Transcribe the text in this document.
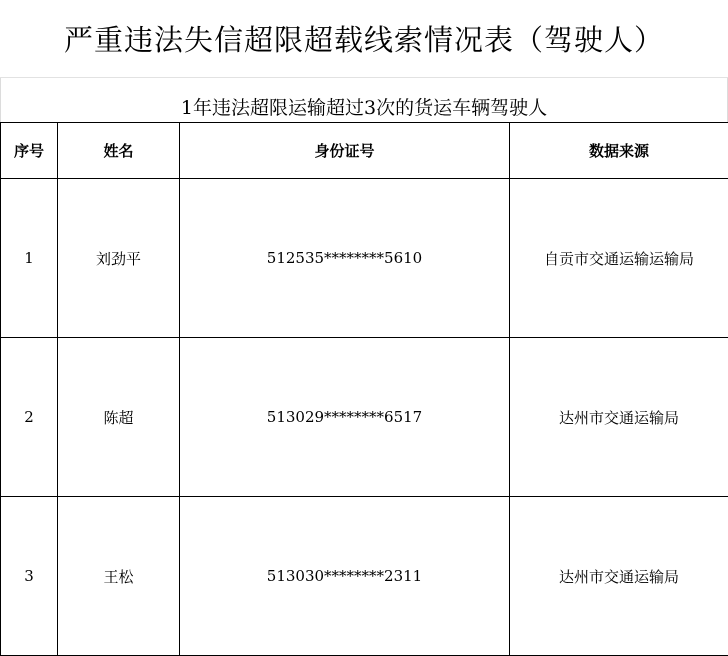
严重违法失信超限超载线索情况表（驾驶人）
1年违法超限运输超过3次的货运车辆驾驶人
序号	姓名	身份证号	数据来源
1	刘劲平	512535********5610	自贡市交通运输运输局
2	陈超	513029********6517	达州市交通运输局
3	王松	513030********2311	达州市交通运输局
